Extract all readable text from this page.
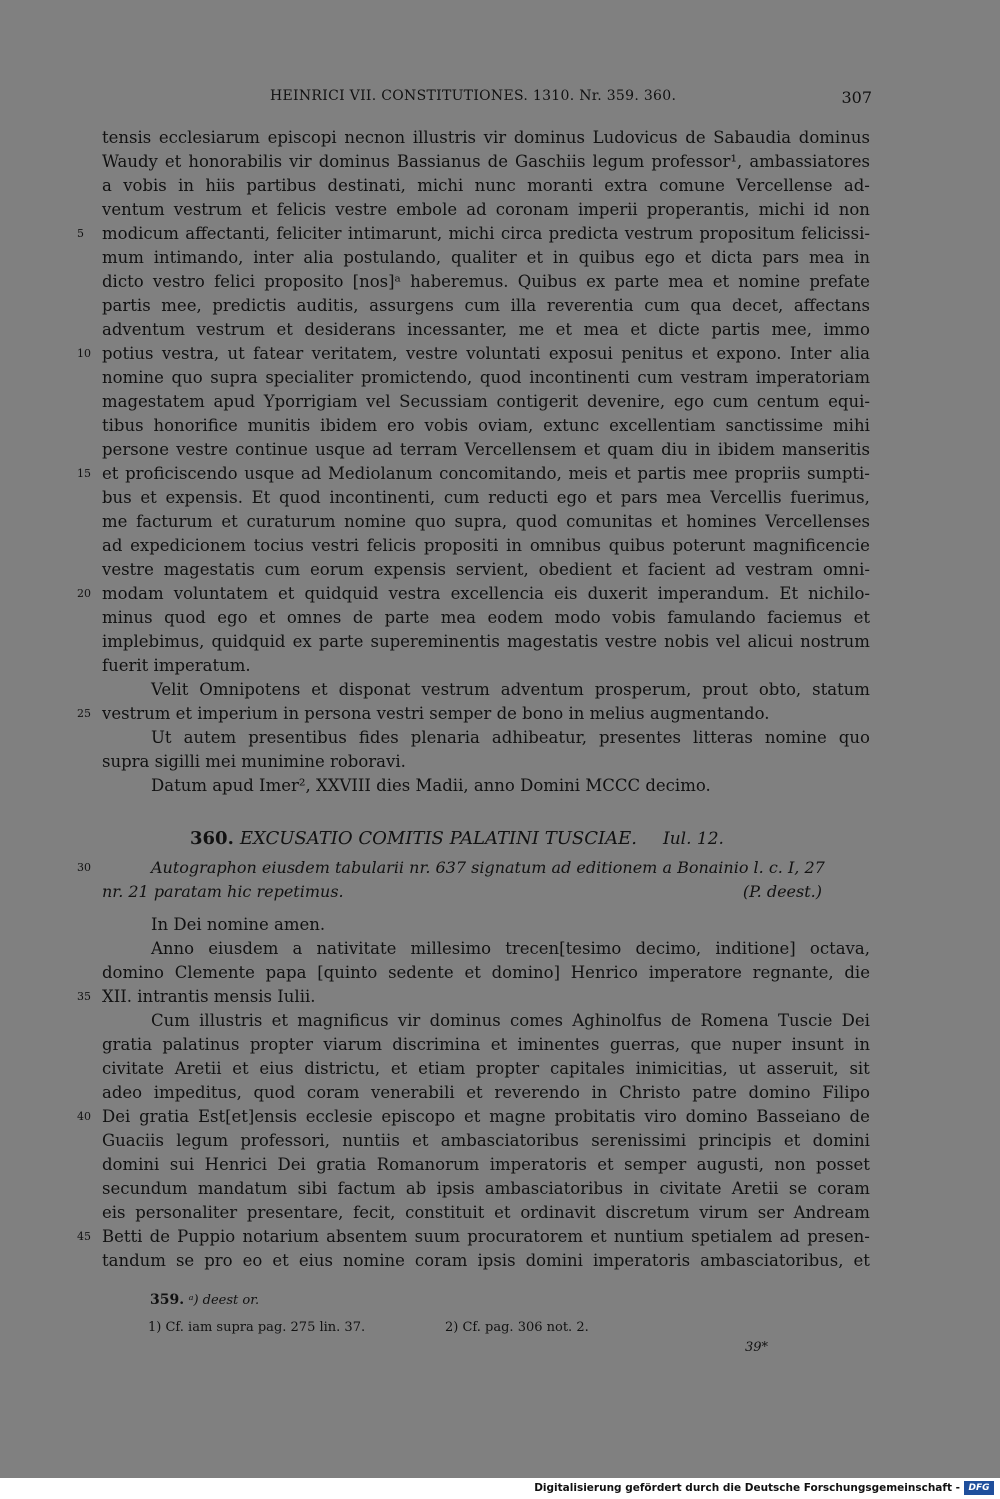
HEINRICI VII. CONSTITUTIONES. 1310. Nr. 359. 360.	307
tensis ecclesiarum episcopi necnon illustris vir dominus Ludovicus de Sabaudia dominus
Waudy et honorabilis vir dominus Bassianus de Gaschiis legum professor¹, ambassiatores
a vobis in hiis partibus destinati, michi nunc moranti extra comune Vercellense ad-
ventum vestrum et felicis vestre embole ad coronam imperii properantis, michi id non
5	modicum affectanti, feliciter intimarunt, michi circa predicta vestrum propositum felicissi-
mum intimando, inter alia postulando, qualiter et in quibus ego et dicta pars mea in
dicto vestro felici proposito [nos]ᵃ haberemus. Quibus ex parte mea et nomine prefate
partis mee, predictis auditis, assurgens cum illa reverentia cum qua decet, affectans
adventum vestrum et desiderans incessanter, me et mea et dicte partis mee, immo
10 potius vestra, ut fatear veritatem, vestre voluntati exposui penitus et expono. Inter alia
nomine quo supra specialiter promictendo, quod incontinenti cum vestram imperatoriam
magestatem apud Yporrigiam vel Secussiam contigerit devenire, ego cum centum equi-
tibus honorifice munitis ibidem ero vobis oviam, extunc excellentiam sanctissime mihi
persone vestre continue usque ad terram Vercellensem et quam diu in ibidem manseritis
15 et proficiscendo usque ad Mediolanum concomitando, meis et partis mee propriis sumpti-
bus et expensis. Et quod incontinenti, cum reducti ego et pars mea Vercellis fuerimus,
me facturum et curaturum nomine quo supra, quod comunitas et homines Vercellenses
ad expedicionem tocius vestri felicis propositi in omnibus quibus poterunt magnificencie
vestre magestatis cum eorum expensis servient, obedient et facient ad vestram omni-
20 modam voluntatem et quidquid vestra excellencia eis duxerit imperandum. Et nichilo-
minus quod ego et omnes de parte mea eodem modo vobis famulando faciemus et
implebimus, quidquid ex parte supereminentis magestatis vestre nobis vel alicui nostrum
fuerit imperatum.
Velit Omnipotens et disponat vestrum adventum prosperum, prout obto, statum
25 vestrum et imperium in persona vestri semper de bono in melius augmentando.
Ut autem presentibus fides plenaria adhibeatur, presentes litteras nomine quo
supra sigilli mei munimine roboravi.
Datum apud Imer², XXVIII dies Madii, anno Domini MCCC decimo.
360. EXCUSATIO COMITIS PALATINI TUSCIAE. Iul. 12.
30	Autographon eiusdem tabularii nr. 637 signatum ad editionem a Bonainio l. c. I, 27
nr. 21 paratam hic repetimus.	(P. deest.)
In Dei nomine amen.
Anno eiusdem a nativitate millesimo trecen[tesimo decimo, inditione] octava,
domino Clemente papa [quinto sedente et domino] Henrico imperatore regnante, die
35 XII. intrantis mensis Iulii.
Cum illustris et magnificus vir dominus comes Aghinolfus de Romena Tuscie Dei
gratia palatinus propter viarum discrimina et iminentes guerras, que nuper insunt in
civitate Aretii et eius districtu, et etiam propter capitales inimicitias, ut asseruit, sit
adeo impeditus, quod coram venerabili et reverendo in Christo patre domino Filipo
40 Dei gratia Est[et]ensis ecclesie episcopo et magne probitatis viro domino Basseiano de
Guaciis legum professori, nuntiis et ambasciatoribus serenissimi principis et domini
domini sui Henrici Dei gratia Romanorum imperatoris et semper augusti, non posset
secundum mandatum sibi factum ab ipsis ambasciatoribus in civitate Aretii se coram
eis personaliter presentare, fecit, constituit et ordinavit discretum virum ser Andream
45 Betti de Puppio notarium absentem suum procuratorem et nuntium spetialem ad presen-
tandum se pro eo et eius nomine coram ipsis domini imperatoris ambasciatoribus, et
359. ᵃ) deest or.
1) Cf. iam supra pag. 275 lin. 37.	2) Cf. pag. 306 not. 2.
39*
Digitalisierung gefördert durch die Deutsche Forschungsgemeinschaft - DFG
